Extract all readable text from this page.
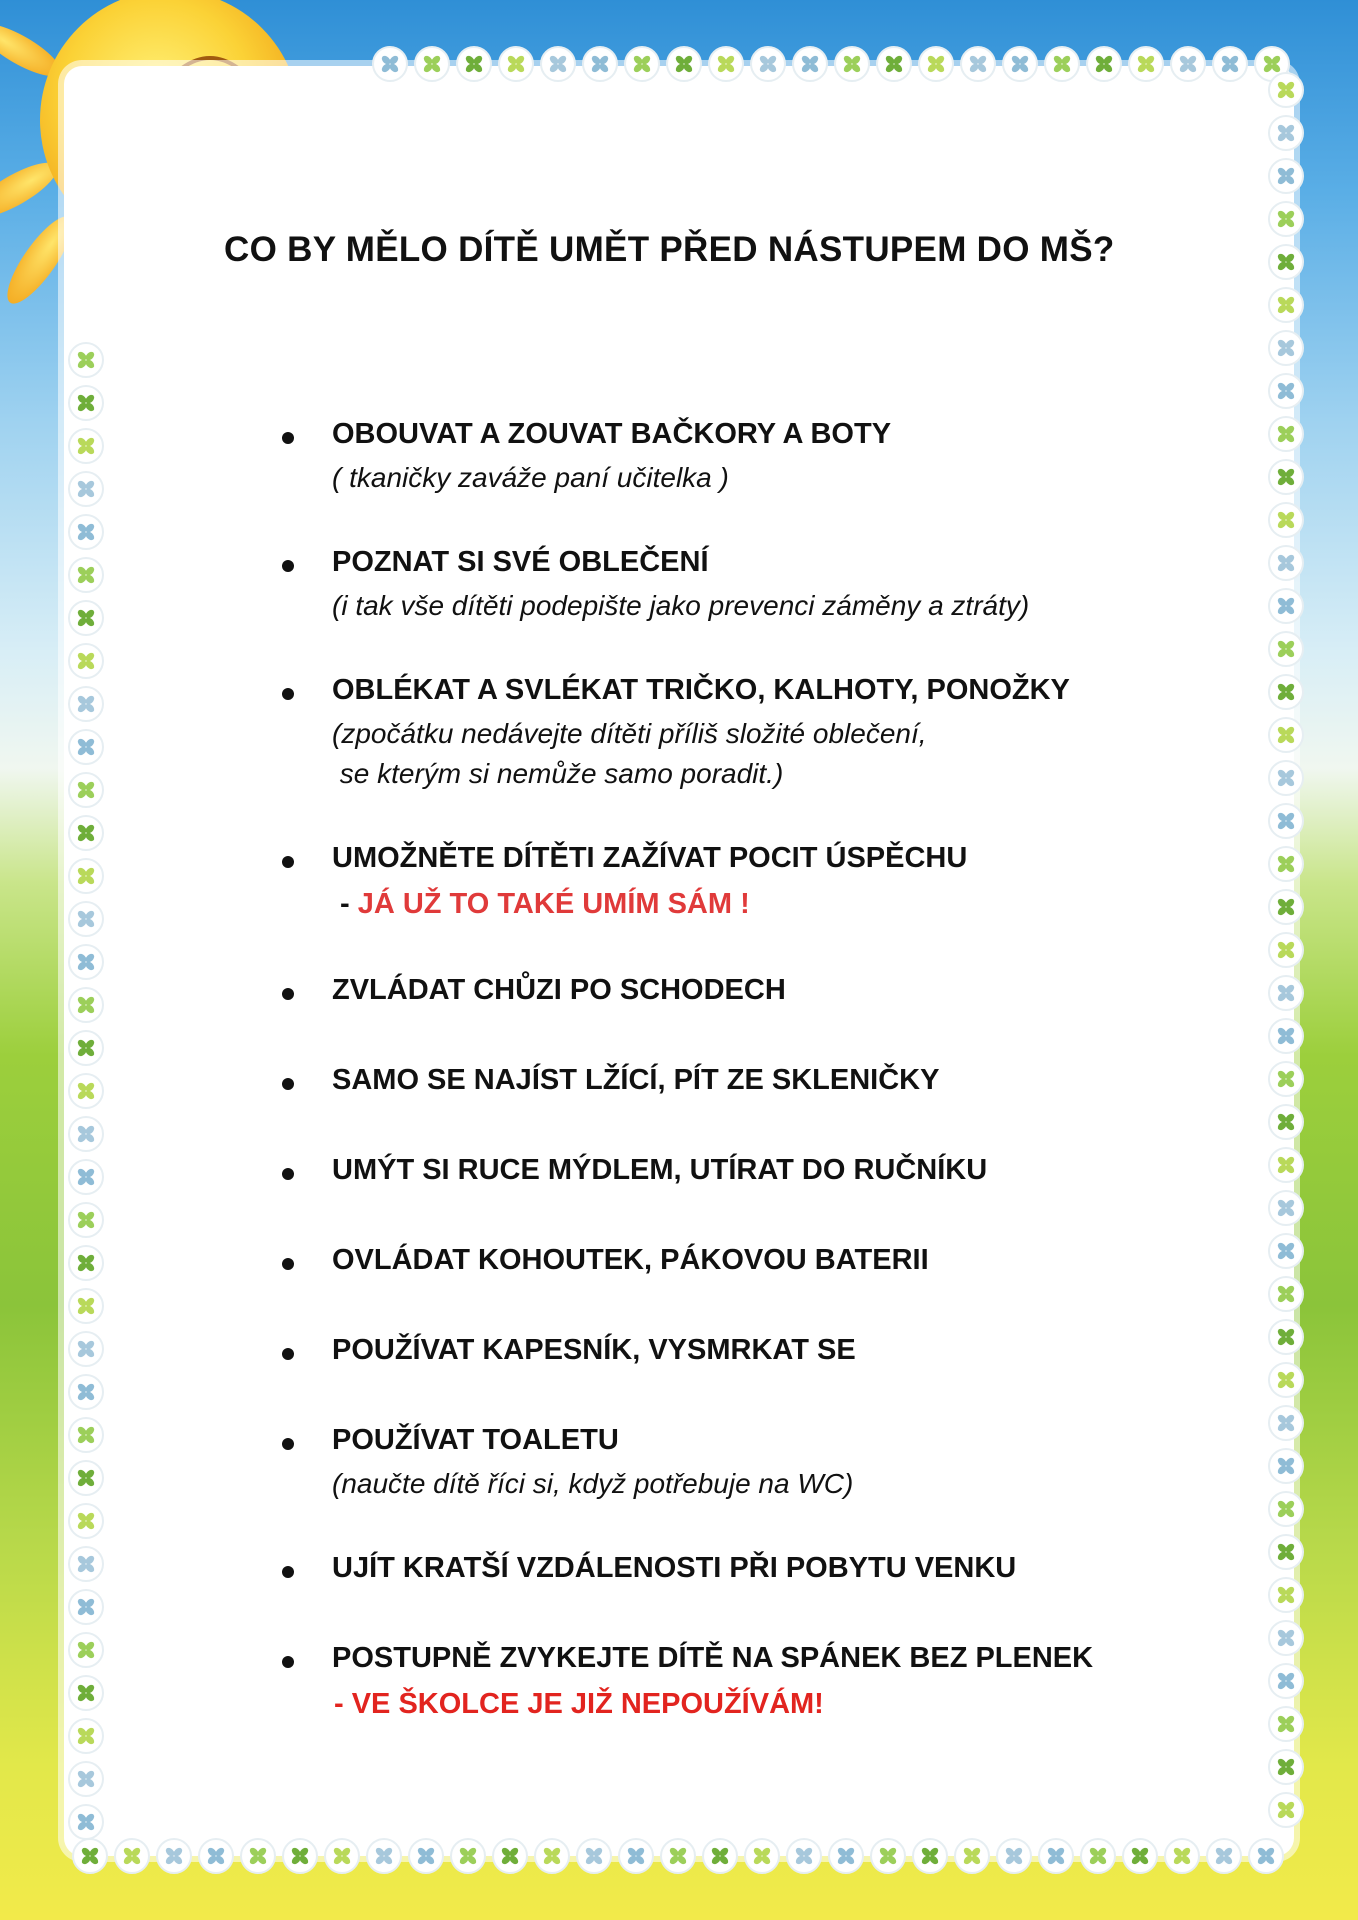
CO BY MĚLO DÍTĚ UMĚT PŘED NÁSTUPEM DO MŠ?
OBOUVAT A ZOUVAT BAČKORY A BOTY
( tkaničky zaváže paní učitelka )
POZNAT SI SVÉ OBLEČENÍ
(i tak vše dítěti podepište jako prevenci záměny a ztráty)
OBLÉKAT A SVLÉKAT TRIČKO, KALHOTY, PONOŽKY
(zpočátku nedávejte dítěti příliš složité oblečení,
se kterým si nemůže samo poradit.)
UMOŽNĚTE DÍTĚTI ZAŽÍVAT POCIT ÚSPĚCHU
- JÁ UŽ TO TAKÉ UMÍM SÁM !
ZVLÁDAT CHŮZI PO SCHODECH
SAMO SE NAJÍST LŽÍCÍ, PÍT ZE SKLENIČKY
UMÝT SI RUCE MÝDLEM, UTÍRAT DO RUČNÍKU
OVLÁDAT KOHOUTEK, PÁKOVOU BATERII
POUŽÍVAT KAPESNÍK, VYSMRKAT SE
POUŽÍVAT TOALETU
(naučte dítě říci si, když potřebuje na WC)
UJÍT KRATŠÍ VZDÁLENOSTI PŘI POBYTU VENKU
POSTUPNĚ ZVYKEJTE DÍTĚ NA SPÁNEK BEZ PLENEK
- VE ŠKOLCE JE JIŽ NEPOUŽÍVÁM!
